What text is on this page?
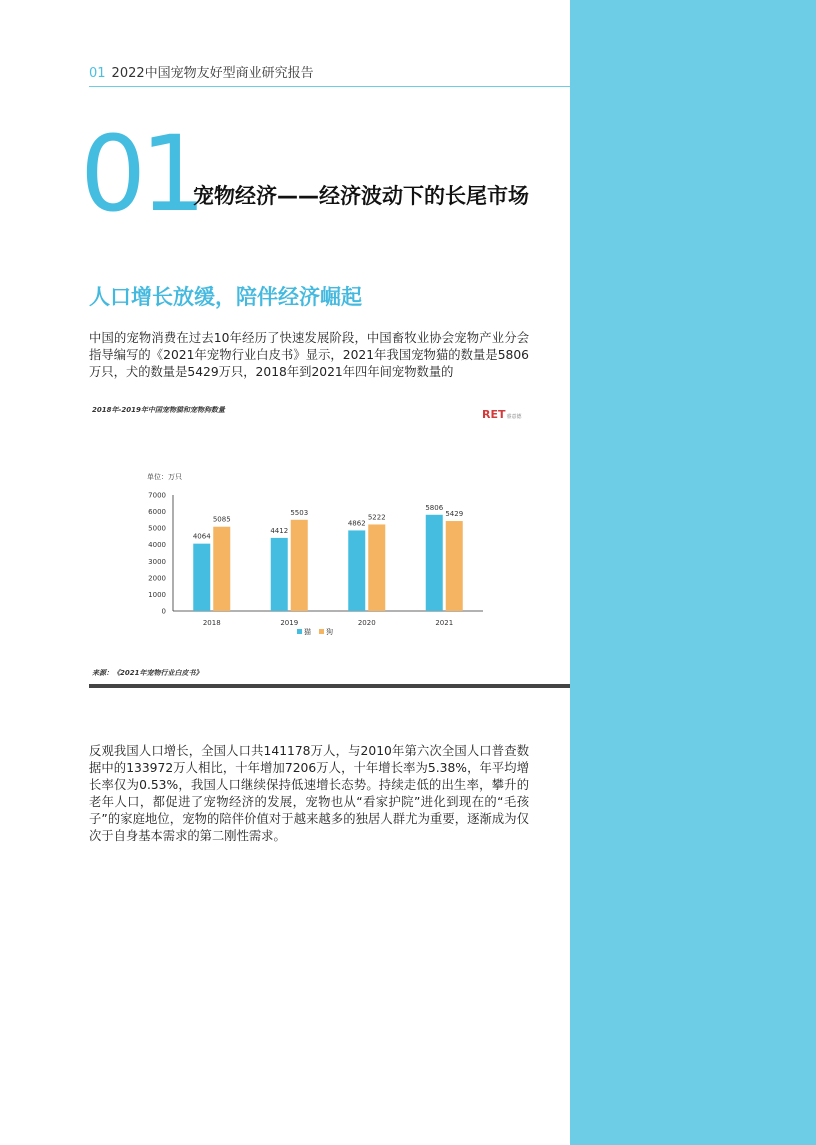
01 2022中国宠物友好型商业研究报告
01
宠物经济——经济波动下的长尾市场
人口增长放缓，陪伴经济崛起
中国的宠物消费在过去10年经历了快速发展阶段，中国畜牧业协会宠物产业分会指导编写的《2021年宠物行业白皮书》显示，2021年我国宠物猫的数量是5806万只，犬的数量是5429万只，2018年到2021年四年间宠物数量的
2018年-2019年中国宠物猫和宠物狗数量	RET睿意德
单位：万只
7000
6000
5000
4000
3000
2000
1000
0
4064
5085
4412
5503
4862
5222
5806
5429
2018	2019	2020	2021
猫 狗
来源：《2021年宠物行业白皮书》
反观我国人口增长，全国人口共141178万人，与2010年第六次全国人口普查数据中的133972万人相比，十年增加7206万人，十年增长率为5.38%，年平均增长率仅为0.53%，我国人口继续保持低速增长态势。持续走低的出生率，攀升的老年人口，都促进了宠物经济的发展，宠物也从“看家护院”进化到现在的“毛孩子”的家庭地位，宠物的陪伴价值对于越来越多的独居人群尤为重要，逐渐成为仅次于自身基本需求的第二刚性需求。
